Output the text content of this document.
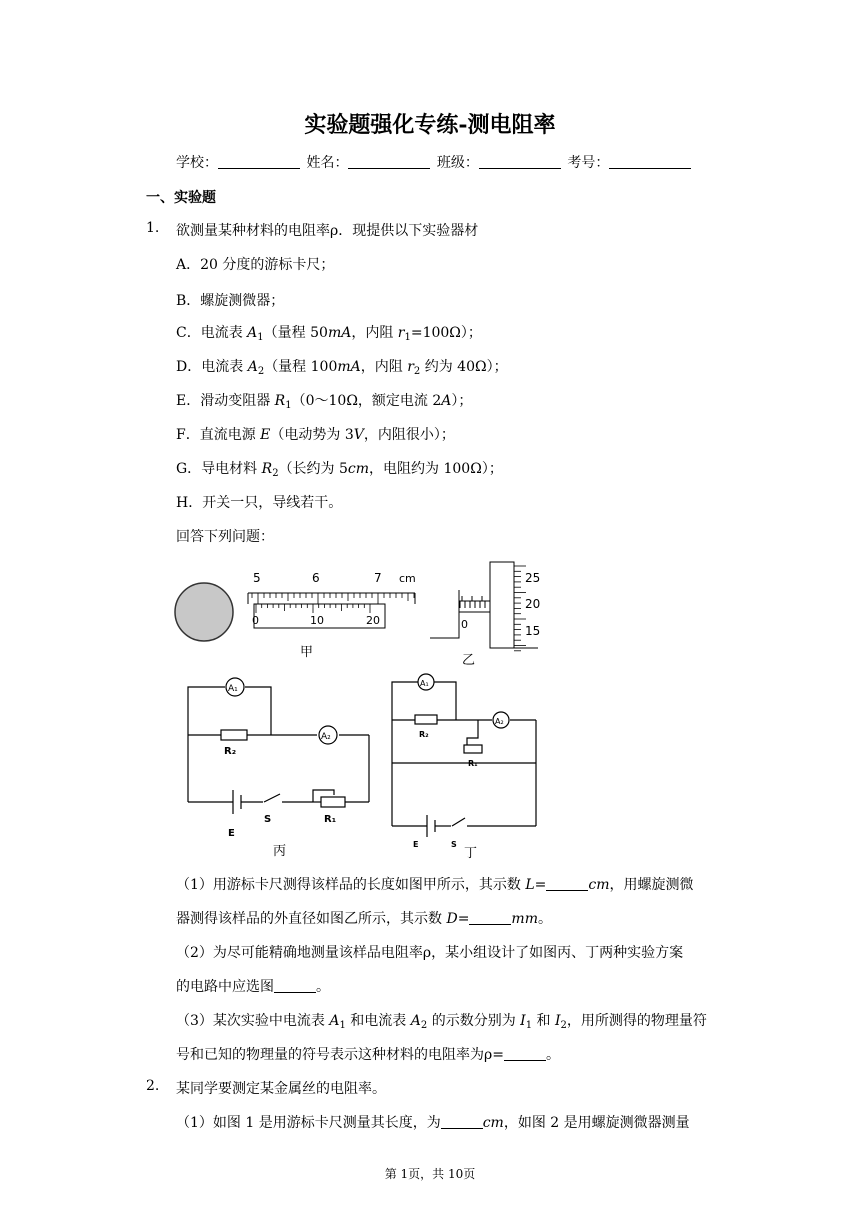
实验题强化专练-测电阻率
学校：	姓名：	班级：	考号：
一、实验题
1. 欲测量某种材料的电阻率ρ．现提供以下实验器材
A．20 分度的游标卡尺；
B．螺旋测微器；
C．电流表 $A_1$（量程 50mA，内阻 $r_1=100\Omega$）；
D．电流表 $A_2$（量程 100mA，内阻 $r_2$ 约为 40Ω）；
E．滑动变阻器 $R_1(0\sim 10\Omega$，额定电流 2A）；
F．直流电源 E（电动势为 3V，内阻很小）；
G．导电材料 $R_2$（长约为 5cm，电阻约为 100Ω）；
H．开关一只，导线若干。
回答下列问题：
5	6	7 cm
0	10	20
甲
0
25
20
15
乙
A₁
A₂
R₂
E
S	R₁
丙
A₁
A₂
R₂
R₁
E	S
丁
（1）用游标卡尺测得该样品的长度如图甲所示，其示数 L=	cm，用螺旋测微
器测得该样品的外直径如图乙所示，其示数 D=	mm。
（2）为尽可能精确地测量该样品电阻率ρ，某小组设计了如图丙、丁两种实验方案
的电路中应选图	。
（3）某次实验中电流表 $A_1$ 和电流表 $A_2$ 的示数分别为 $I_1$ 和 $I_2$，用所测得的物理量符
号和已知的物理量的符号表示这种材料的电阻率为ρ=	。
2. 某同学要测定某金属丝的电阻率。
（1）如图 1 是用游标卡尺测量其长度，为	cm，如图 2 是用螺旋测微器测量
第 1页，共 10页
